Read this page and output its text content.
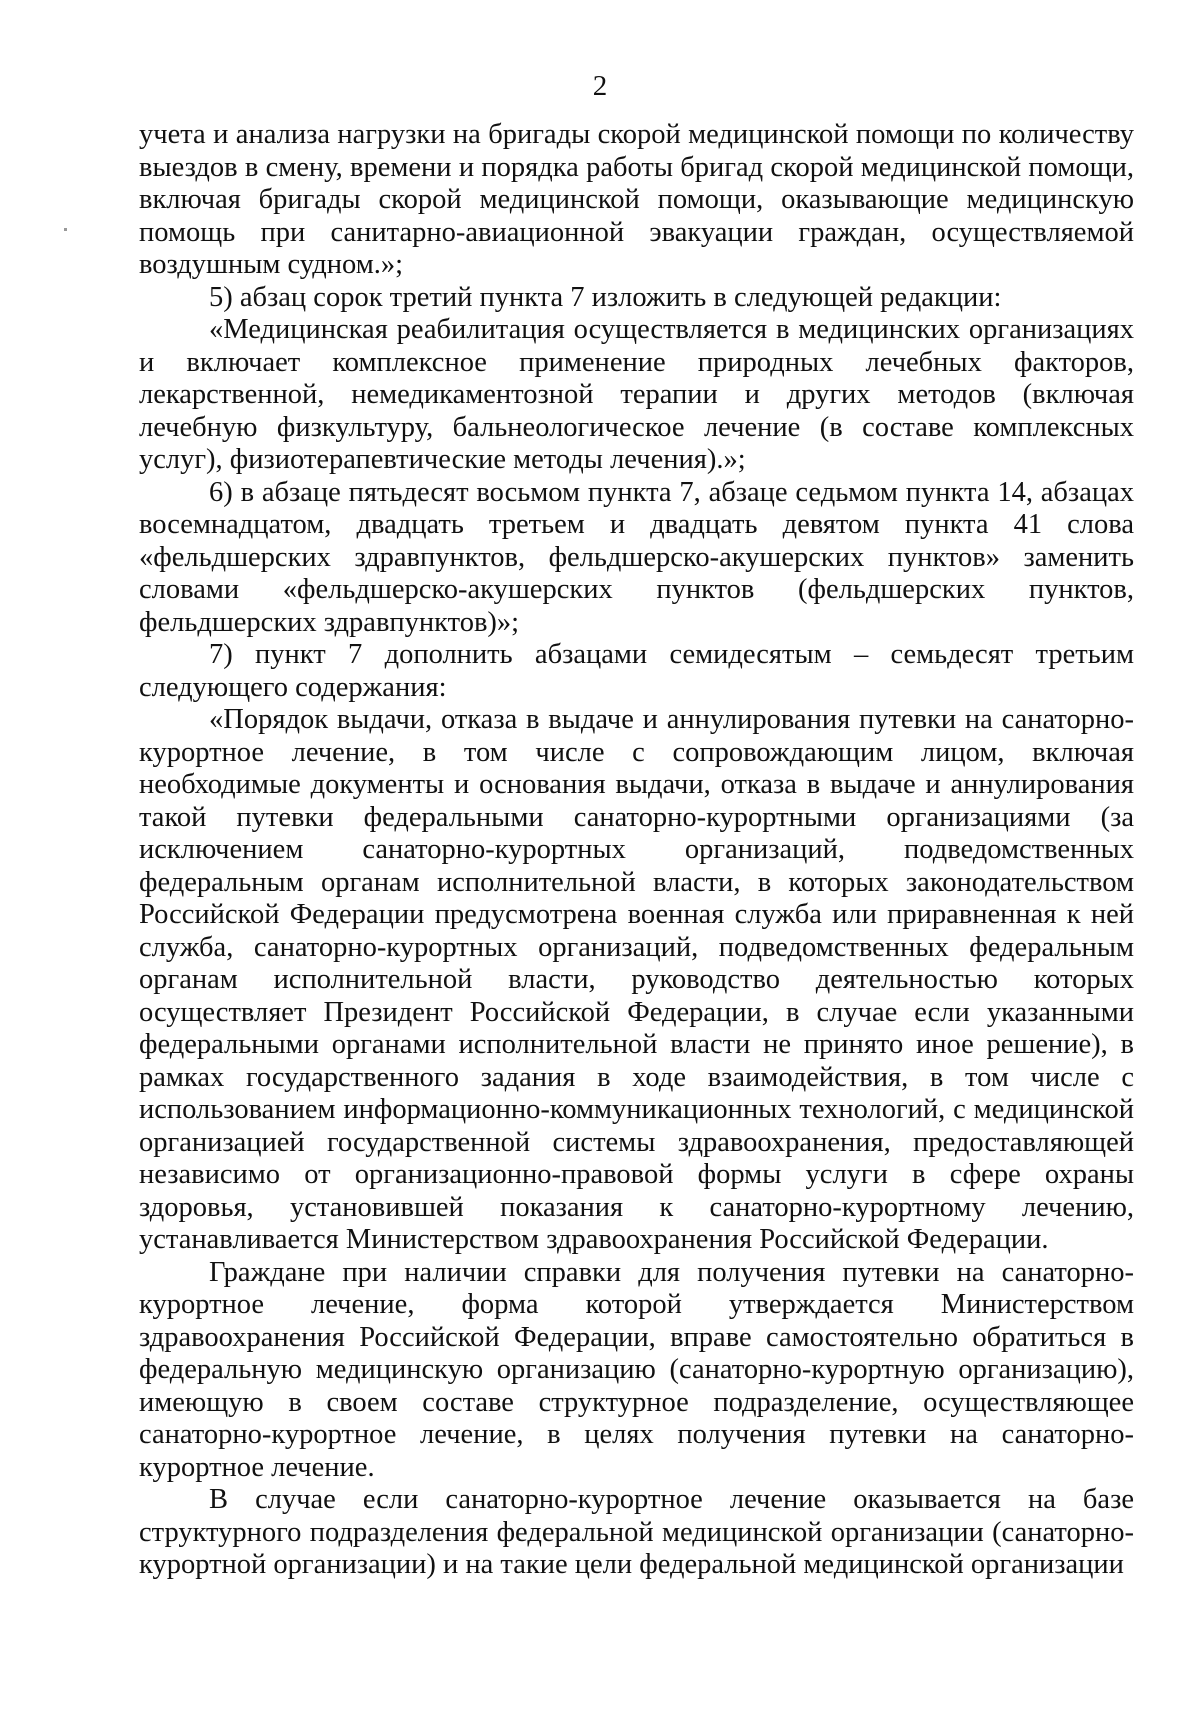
2

учета и анализа нагрузки на бригады скорой медицинской помощи по количеству выездов в смену, времени и порядка работы бригад скорой медицинской помощи, включая бригады скорой медицинской помощи, оказывающие медицинскую помощь при санитарно-авиационной эвакуации граждан, осуществляемой воздушным судном.»;

5) абзац сорок третий пункта 7 изложить в следующей редакции:

«Медицинская реабилитация осуществляется в медицинских организациях и включает комплексное применение природных лечебных факторов, лекарственной, немедикаментозной терапии и других методов (включая лечебную физкультуру, бальнеологическое лечение (в составе комплексных услуг), физиотерапевтические методы лечения).»;

6) в абзаце пятьдесят восьмом пункта 7, абзаце седьмом пункта 14, абзацах восемнадцатом, двадцать третьем и двадцать девятом пункта 41 слова «фельдшерских здравпунктов, фельдшерско-акушерских пунктов» заменить словами «фельдшерско-акушерских пунктов (фельдшерских пунктов, фельдшерских здравпунктов)»;

7) пункт 7 дополнить абзацами семидесятым – семьдесят третьим следующего содержания:

«Порядок выдачи, отказа в выдаче и аннулирования путевки на санаторно-курортное лечение, в том числе с сопровождающим лицом, включая необходимые документы и основания выдачи, отказа в выдаче и аннулирования такой путевки федеральными санаторно-курортными организациями (за исключением санаторно-курортных организаций, подведомственных федеральным органам исполнительной власти, в которых законодательством Российской Федерации предусмотрена военная служба или приравненная к ней служба, санаторно-курортных организаций, подведомственных федеральным органам исполнительной власти, руководство деятельностью которых осуществляет Президент Российской Федерации, в случае если указанными федеральными органами исполнительной власти не принято иное решение), в рамках государственного задания в ходе взаимодействия, в том числе с использованием информационно-коммуникационных технологий, с медицинской организацией государственной системы здравоохранения, предоставляющей независимо от организационно-правовой формы услуги в сфере охраны здоровья, установившей показания к санаторно-курортному лечению, устанавливается Министерством здравоохранения Российской Федерации.

Граждане при наличии справки для получения путевки на санаторно-курортное лечение, форма которой утверждается Министерством здравоохранения Российской Федерации, вправе самостоятельно обратиться в федеральную медицинскую организацию (санаторно-курортную организацию), имеющую в своем составе структурное подразделение, осуществляющее санаторно-курортное лечение, в целях получения путевки на санаторно-курортное лечение.

В случае если санаторно-курортное лечение оказывается на базе структурного подразделения федеральной медицинской организации (санаторно-курортной организации) и на такие цели федеральной медицинской организации
